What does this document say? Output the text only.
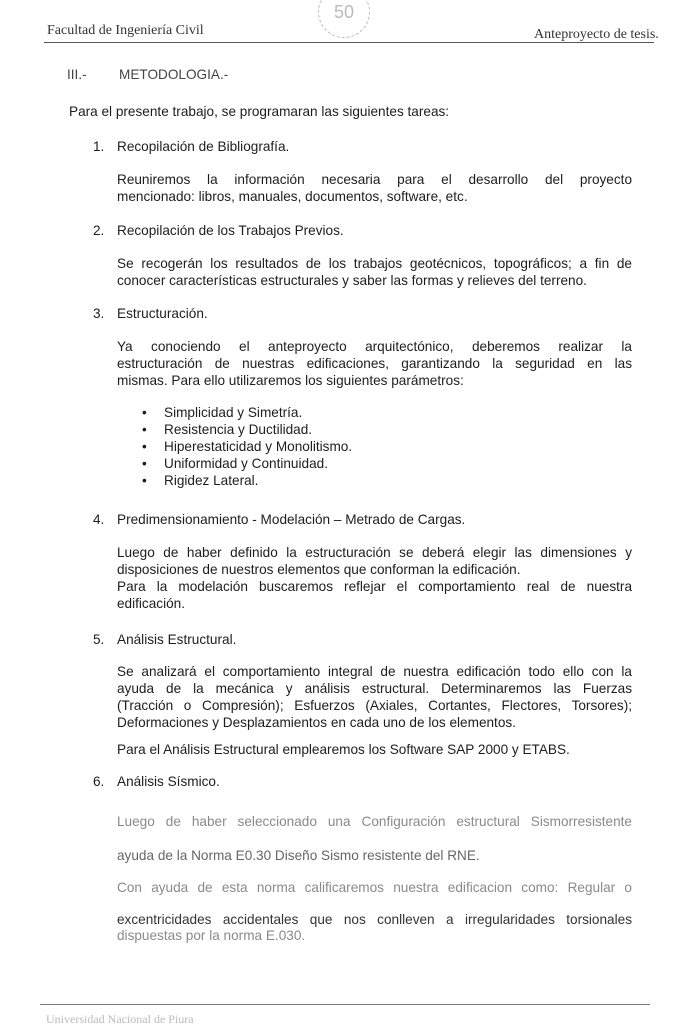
50
Facultad de Ingeniería Civil	Anteproyecto de tesis.
III.- METODOLOGIA.-
Para el presente trabajo, se programaran las siguientes tareas:
1. Recopilación de Bibliografía.
Reuniremos la información necesaria para el desarrollo del proyecto
mencionado: libros, manuales, documentos, software, etc.
2. Recopilación de los Trabajos Previos.
Se recogerán los resultados de los trabajos geotécnicos, topográficos; a fin de
conocer características estructurales y saber las formas y relieves del terreno.
3. Estructuración.
Ya conociendo el anteproyecto arquitectónico, deberemos realizar la
estructuración de nuestras edificaciones, garantizando la seguridad en las
mismas. Para ello utilizaremos los siguientes parámetros:
• Simplicidad y Simetría.
• Resistencia y Ductilidad.
• Hiperestaticidad y Monolitismo.
• Uniformidad y Continuidad.
• Rigidez Lateral.
4. Predimensionamiento - Modelación – Metrado de Cargas.
Luego de haber definido la estructuración se deberá elegir las dimensiones y
disposiciones de nuestros elementos que conforman la edificación.
Para la modelación buscaremos reflejar el comportamiento real de nuestra
edificación.
5. Análisis Estructural.
Se analizará el comportamiento integral de nuestra edificación todo ello con la
ayuda de la mecánica y análisis estructural. Determinaremos las Fuerzas
(Tracción o Compresión); Esfuerzos (Axiales, Cortantes, Flectores, Torsores);
Deformaciones y Desplazamientos en cada uno de los elementos.
Para el Análisis Estructural emplearemos los Software SAP 2000 y ETABS.
6. Análisis Sísmico.
Luego de haber seleccionado una Configuración estructural Sismorresistente
ayuda de la Norma E0.30 Diseño Sismo resistente del RNE.
Con ayuda de esta norma calificaremos nuestra edificacion como: Regular o
excentricidades accidentales que nos conlleven a irregularidades torsionales
dispuestas por la norma E.030.
Universidad Nacional de Piura
